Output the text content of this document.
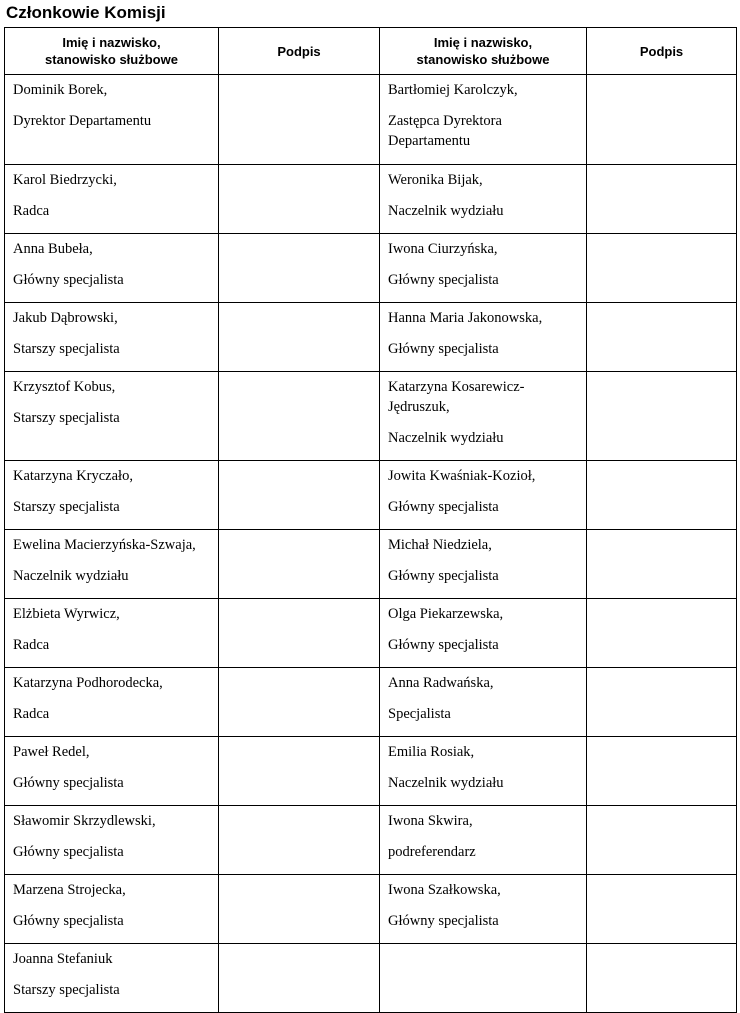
Członkowie Komisji
Imię i nazwisko,
stanowisko służbowe	Podpis	Imię i nazwisko,
stanowisko służbowe	Podpis

Dominik Borek,
Dyrektor Departamentu		Bartłomiej Karolczyk,
Zastępca Dyrektora Departamentu	

Karol Biedrzycki,
Radca		Weronika Bijak,
Naczelnik wydziału	

Anna Bubeła,
Główny specjalista		Iwona Ciurzyńska,
Główny specjalista	

Jakub Dąbrowski,
Starszy specjalista		Hanna Maria Jakonowska,
Główny specjalista	

Krzysztof Kobus,
Starszy specjalista		Katarzyna Kosarewicz-Jędruszuk,
Naczelnik wydziału	

Katarzyna Kryczało,
Starszy specjalista		Jowita Kwaśniak-Kozioł,
Główny specjalista	

Ewelina Macierzyńska-Szwaja,
Naczelnik wydziału		Michał Niedziela,
Główny specjalista	

Elżbieta Wyrwicz,
Radca		Olga Piekarzewska,
Główny specjalista	

Katarzyna Podhorodecka,
Radca		Anna Radwańska,
Specjalista	

Paweł Redel,
Główny specjalista		Emilia Rosiak,
Naczelnik wydziału	

Sławomir Skrzydlewski,
Główny specjalista		Iwona Skwira,
podreferendarz	

Marzena Strojecka,
Główny specjalista		Iwona Szałkowska,
Główny specjalista	

Joanna Stefaniuk
Starszy specjalista			
